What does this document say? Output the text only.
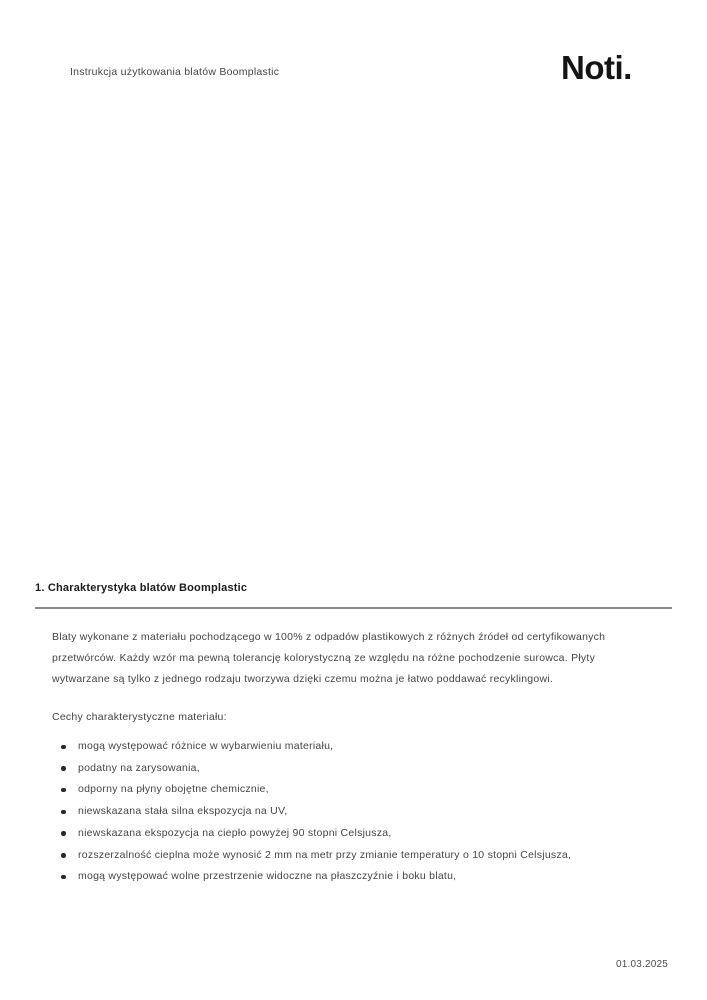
Instrukcja użytkowania blatów Boomplastic	Noti.
1. Charakterystyka blatów Boomplastic
Blaty wykonane z materiału pochodzącego w 100% z odpadów plastikowych z różnych źródeł od certyfikowanych przetwórców. Każdy wzór ma pewną tolerancję kolorystyczną ze względu na różne pochodzenie surowca. Płyty wytwarzane są tylko z jednego rodzaju tworzywa dzięki czemu można je łatwo poddawać recyklingowi.
Cechy charakterystyczne materiału:
mogą występować różnice w wybarwieniu materiału,
podatny na zarysowania,
odporny na płyny obojętne chemicznie,
niewskazana stała silna ekspozycja na UV,
niewskazana ekspozycja na ciepło powyżej 90 stopni Celsjusza,
rozszerzalność cieplna może wynosić 2 mm na metr przy zmianie temperatury o 10 stopni Celsjusza,
mogą występować wolne przestrzenie widoczne na płaszczyźnie i boku blatu,
01.03.2025
